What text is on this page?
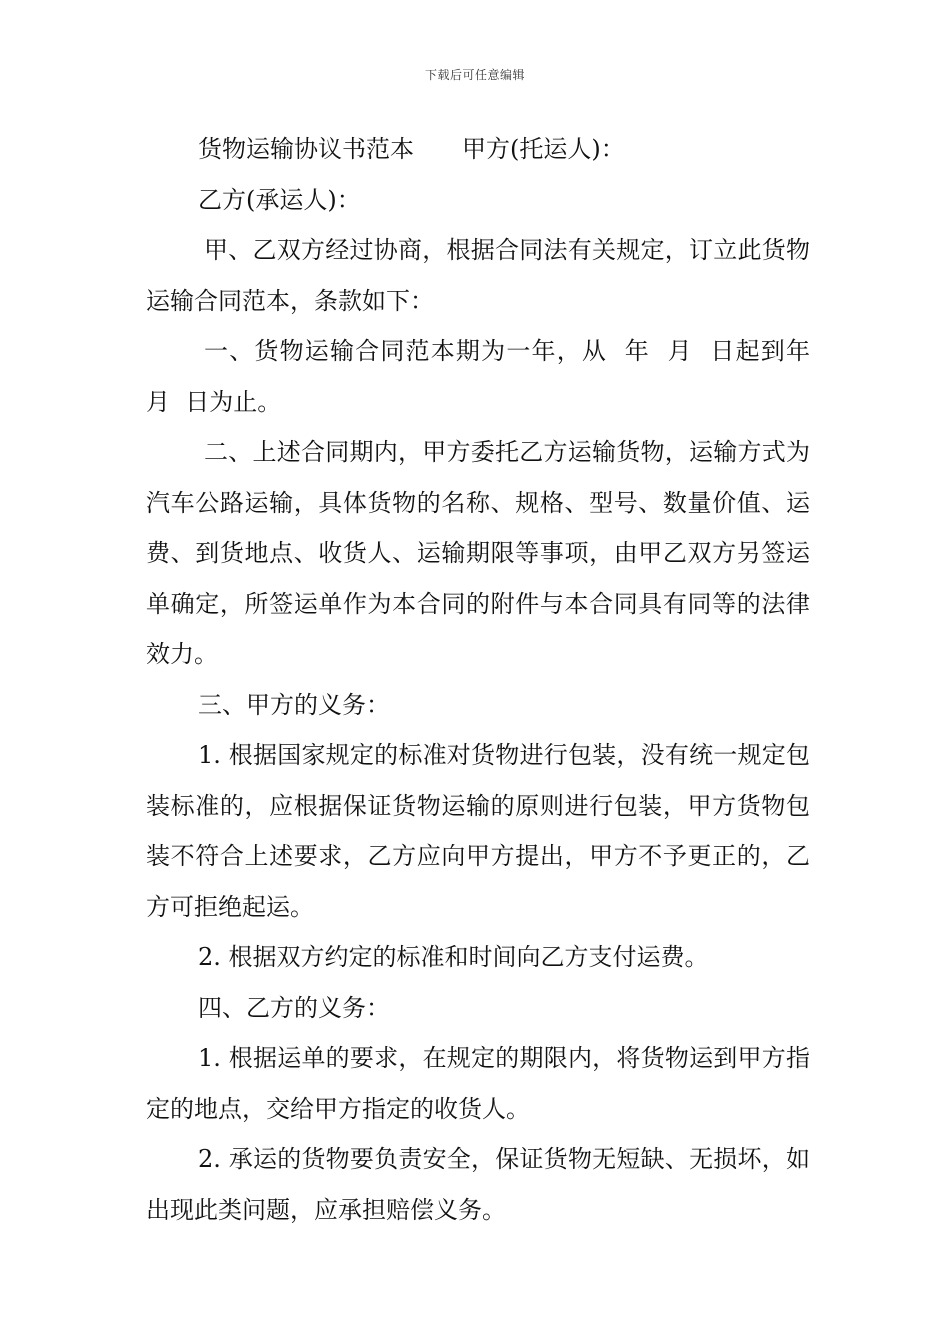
下载后可任意编辑

货物运输协议书范本 甲方(托运人)：

乙方(承运人)：

甲、乙双方经过协商，根据合同法有关规定，订立此货物运输合同范本，条款如下：

一、货物运输合同范本期为一年，从  年  月  日起到年  月  日为止。

二、上述合同期内，甲方委托乙方运输货物，运输方式为汽车公路运输，具体货物的名称、规格、型号、数量价值、运费、到货地点、收货人、运输期限等事项，由甲乙双方另签运单确定，所签运单作为本合同的附件与本合同具有同等的法律效力。

三、甲方的义务：

1. 根据国家规定的标准对货物进行包装，没有统一规定包装标准的，应根据保证货物运输的原则进行包装，甲方货物包装不符合上述要求，乙方应向甲方提出，甲方不予更正的，乙方可拒绝起运。

2. 根据双方约定的标准和时间向乙方支付运费。

四、乙方的义务：

1. 根据运单的要求，在规定的期限内，将货物运到甲方指定的地点，交给甲方指定的收货人。

2. 承运的货物要负责安全，保证货物无短缺、无损坏，如出现此类问题，应承担赔偿义务。
